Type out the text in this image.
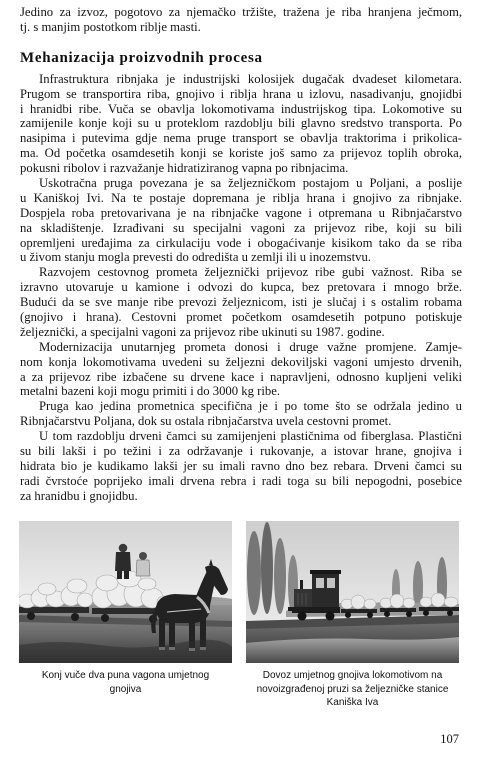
Jedino za izvoz, pogotovo za njemačko tržište, tražena je riba hranjena ječmom,
tj. s manjim postotkom riblje masti.
Mehanizacija proizvodnih procesa
Infrastruktura ribnjaka je industrijski kolosijek dugačak dvadeset kilometara.
Prugom se transportira riba, gnojivo i riblja hrana u izlovu, nasadivanju, gnojidbi
i hranidbi ribe. Vuča se obavlja lokomotivama industrijskog tipa. Lokomotive su
zamijenile konje koji su u proteklom razdoblju bili glavno sredstvo transporta. Po
nasipima i putevima gdje nema pruge transport se obavlja traktorima i prikolica-
ma. Od početka osamdesetih konji se koriste još samo za prijevoz toplih obroka,
pokusni ribolov i razvažanje hidratiziranog vapna po ribnjacima.
Uskotračna pruga povezana je sa željezničkom postajom u Poljani, a poslije
u Kaniškoj Ivi. Na te postaje dopremana je riblja hrana i gnojivo za ribnjake.
Dospjela roba pretovarivana je na ribnjačke vagone i otpremana u Ribnjačarstvo
na skladištenje. Izrađivani su specijalni vagoni za prijevoz ribe, koji su bili
opremljeni uređajima za cirkulaciju vode i obogaćivanje kisikom tako da se riba
u živom stanju mogla prevesti do odredišta u zemlji ili u inozemstvu.
Razvojem cestovnog prometa željeznički prijevoz ribe gubi važnost. Riba se
izravno utovaruje u kamione i odvozi do kupca, bez pretovara i mnogo brže.
Budući da se sve manje ribe prevozi željeznicom, isti je slučaj i s ostalim robama
(gnojivo i hrana). Cestovni promet početkom osamdesetih potpuno potiskuje
željeznički, a specijalni vagoni za prijevoz ribe ukinuti su 1987. godine.
Modernizacija unutarnjeg prometa donosi i druge važne promjene. Zamje-
nom konja lokomotivama uvedeni su željezni dekoviljski vagoni umjesto drvenih,
a za prijevoz ribe izbačene su drvene kace i napravljeni, odnosno kupljeni veliki
metalni bazeni koji mogu primiti i do 3000 kg ribe.
Pruga kao jedina prometnica specifična je i po tome što se održala jedino u
Ribnjačarstvu Poljana, dok su ostala ribnjačarstva uvela cestovni promet.
U tom razdoblju drveni čamci su zamijenjeni plastičnima od fiberglasa. Plastični
su bili lakši i po težini i za održavanje i rukovanje, a istovar hrane, gnojiva i
hidrata bio je kudikamo lakši jer su imali ravno dno bez rebara. Drveni čamci su
radi čvrstoće poprijeko imali drvena rebra i radi toga su bili nepogodni, posebice
za hranidbu i gnojidbu.
Konj vuče dva puna vagona umjetnog
gnojiva
Dovoz umjetnog gnojiva lokomotivom na
novoizgrađenoj pruzi sa željezničke stanice
Kaniška Iva
107
